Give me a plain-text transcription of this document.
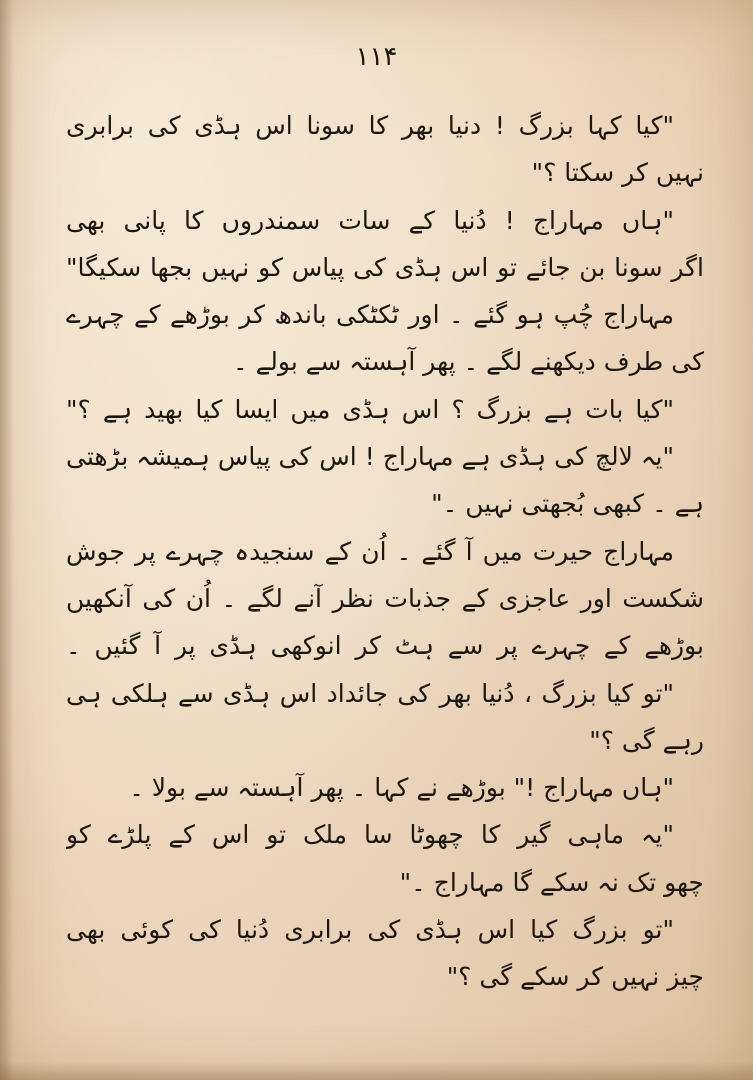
۱۱۴
"کیا کہا بزرگ ! دنیا بھر کا سونا اس ہڈی کی برابری
نہیں کر سکتا ؟"
"ہاں مہاراج ! دُنیا کے سات سمندروں کا پانی بھی
اگر سونا بن جائے تو اس ہڈی کی پیاس کو نہیں بجھا سکیگا"
مہاراج چُپ ہو گئے ۔ اور ٹکٹکی باندھ کر بوڑھے کے چہرے
کی طرف دیکھنے لگے ۔ پھر آہستہ سے بولے ۔
"کیا بات ہے بزرگ ؟ اس ہڈی میں ایسا کیا بھید ہے ؟"
"یہ لالچ کی ہڈی ہے مہاراج ! اس کی پیاس ہمیشہ بڑھتی
ہے ۔ کبھی بُجھتی نہیں ۔"
مہاراج حیرت میں آ گئے ۔ اُن کے سنجیدہ چہرے پر جوش
شکست اور عاجزی کے جذبات نظر آنے لگے ۔ اُن کی آنکھیں
بوڑھے کے چہرے پر سے ہٹ کر انوکھی ہڈی پر آ گئیں ۔
"تو کیا بزرگ ، دُنیا بھر کی جائداد اس ہڈی سے ہلکی ہی
رہے گی ؟"
"ہاں مہاراج !" بوڑھے نے کہا ۔ پھر آہستہ سے بولا ۔
"یہ ماہی گیر کا چھوٹا سا ملک تو اس کے پلڑے کو
چھو تک نہ سکے گا مہاراج ۔"
"تو بزرگ کیا اس ہڈی کی برابری دُنیا کی کوئی بھی
چیز نہیں کر سکے گی ؟"
